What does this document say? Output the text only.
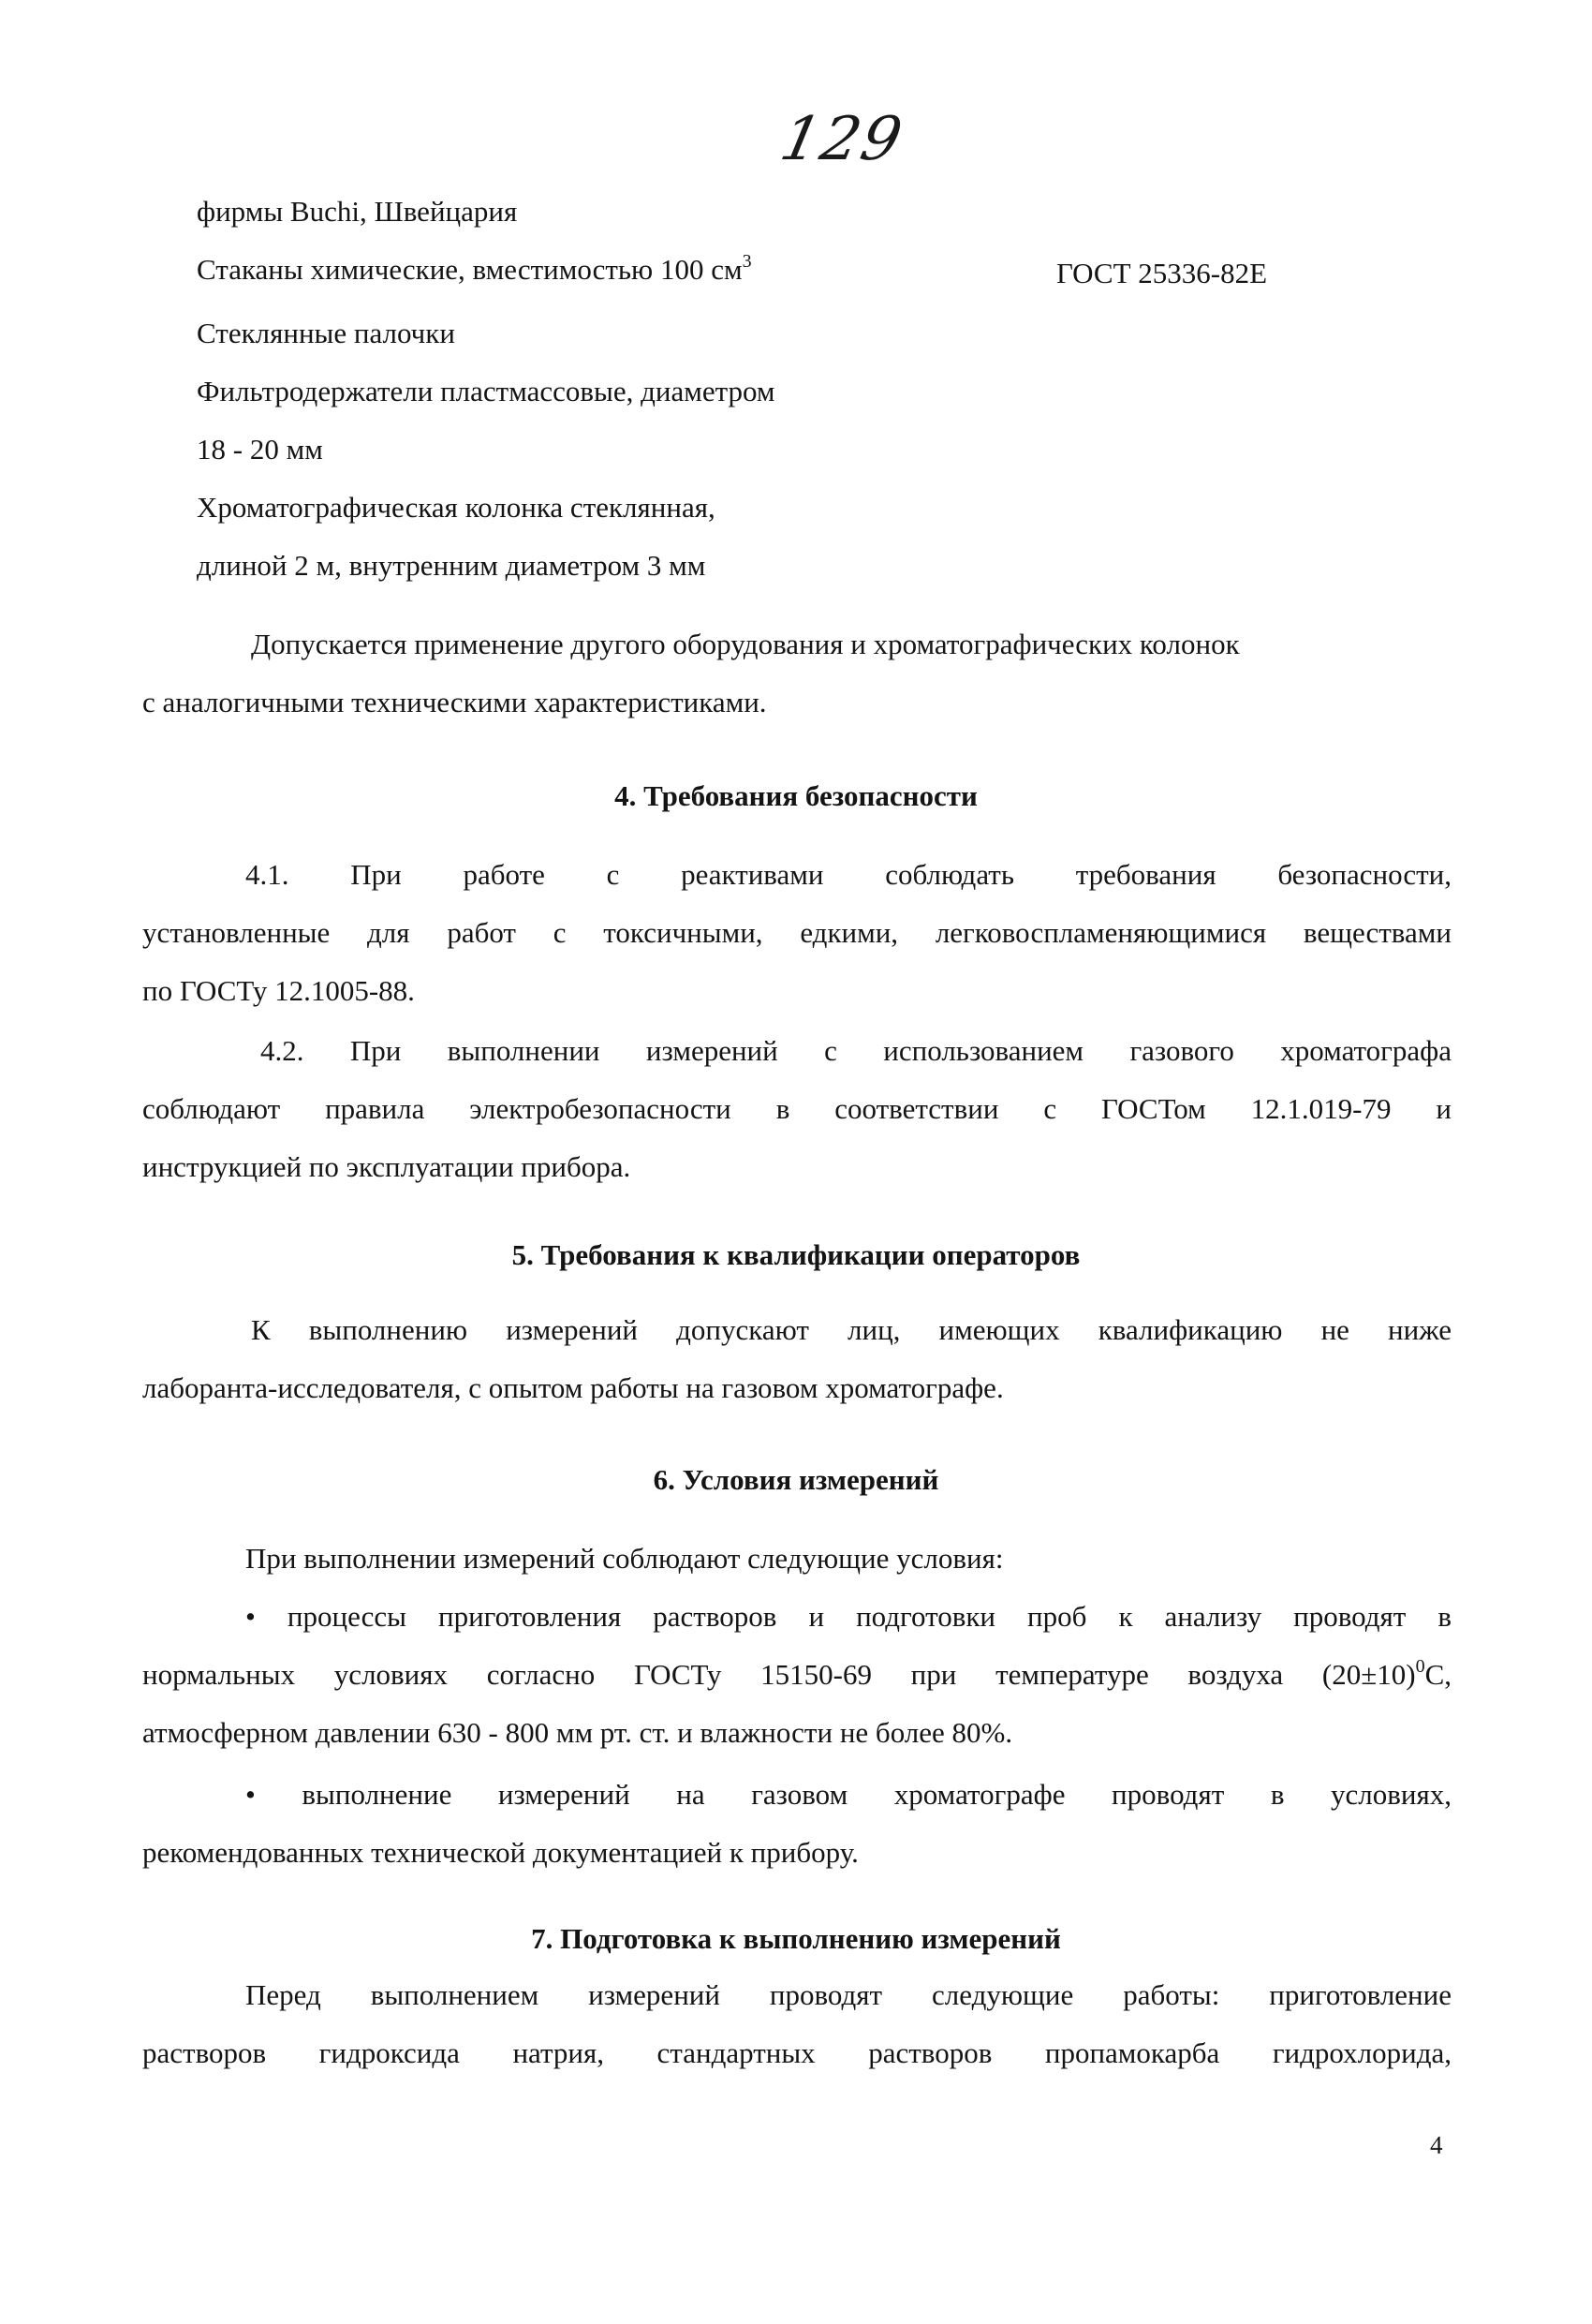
129
фирмы Buchi, Швейцария
Стаканы химические, вместимостью 100 $см^3$	ГОСТ 25336-82Е
Стеклянные палочки
Фильтродержатели пластмассовые, диаметром
18 - 20 мм
Хроматографическая колонка стеклянная,
длиной 2 м, внутренним диаметром 3 мм
Допускается применение другого оборудования и хроматографических колонок
с аналогичными техническими характеристиками.
4. Требования безопасности
4.1. При работе с реактивами соблюдать требования безопасности,
установленные для работ с токсичными, едкими, легковоспламеняющимися веществами
по ГОСТу 12.1005-88.
4.2. При выполнении измерений с использованием газового хроматографа
соблюдают правила электробезопасности в соответствии с ГОСТом 12.1.019-79 и
инструкцией по эксплуатации прибора.
5. Требования к квалификации операторов
К выполнению измерений допускают лиц, имеющих квалификацию не ниже
лаборанта-исследователя, с опытом работы на газовом хроматографе.
6. Условия измерений
При выполнении измерений соблюдают следующие условия:
• процессы приготовления растворов и подготовки проб к анализу проводят в
нормальных условиях согласно ГОСТу 15150-69 при температуре воздуха $(20\pm 10)^0С$,
атмосферном давлении 630 - 800 мм рт. ст. и влажности не более 80%.
• выполнение измерений на газовом хроматографе проводят в условиях,
рекомендованных технической документацией к прибору.
7. Подготовка к выполнению измерений
Перед выполнением измерений проводят следующие работы: приготовление
растворов гидроксида натрия, стандартных растворов пропамокарба гидрохлорида,
4
